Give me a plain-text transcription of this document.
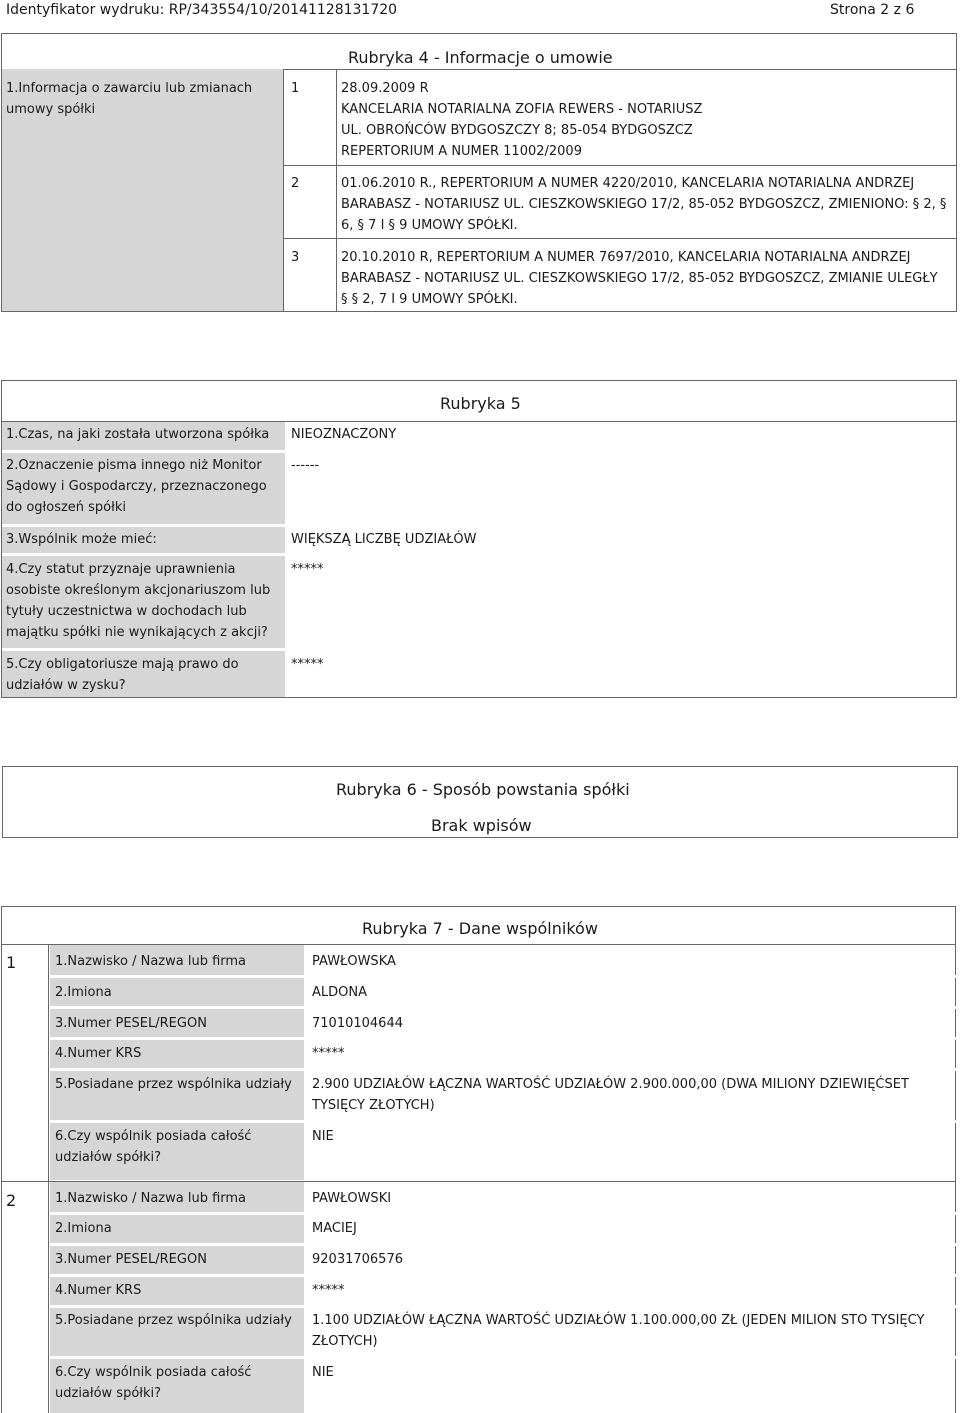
Identyfikator wydruku: RP/343554/10/20141128131720	Strona 2 z 6
Rubryka 4 - Informacje o umowie
1.Informacja o zawarciu lub zmianach umowy spółki
1	28.09.2009 R
KANCELARIA NOTARIALNA ZOFIA REWERS - NOTARIUSZ
UL. OBROŃCÓW BYDGOSZCZY 8; 85-054 BYDGOSZCZ
REPERTORIUM A NUMER 11002/2009
2	01.06.2010 R., REPERTORIUM A NUMER 4220/2010, KANCELARIA NOTARIALNA ANDRZEJ
BARABASZ - NOTARIUSZ UL. CIESZKOWSKIEGO 17/2, 85-052 BYDGOSZCZ, ZMIENIONO: § 2, §
6, § 7 I § 9 UMOWY SPÓŁKI.
3	20.10.2010 R, REPERTORIUM A NUMER 7697/2010, KANCELARIA NOTARIALNA ANDRZEJ
BARABASZ - NOTARIUSZ UL. CIESZKOWSKIEGO 17/2, 85-052 BYDGOSZCZ, ZMIANIE ULEGŁY
§ § 2, 7 I 9 UMOWY SPÓŁKI.
Rubryka 5
1.Czas, na jaki została utworzona spółka NIEOZNACZONY
2.Oznaczenie pisma innego niż Monitor Sądowy i Gospodarczy, przeznaczonego do ogłoszeń spółki
------
3.Wspólnik może mieć:	WIĘKSZĄ LICZBĘ UDZIAŁÓW
4.Czy statut przyznaje uprawnienia osobiste określonym akcjonariuszom lub tytuły uczestnictwa w dochodach lub majątku spółki nie wynikających z akcji?
*****
5.Czy obligatoriusze mają prawo do udziałów w zysku?
*****
Rubryka 6 - Sposób powstania spółki
Brak wpisów
Rubryka 7 - Dane wspólników
1	1.Nazwisko / Nazwa lub firma	PAWŁOWSKA
2.Imiona	ALDONA
3.Numer PESEL/REGON	71010104644
4.Numer KRS	*****
5.Posiadane przez wspólnika udziały 2.900 UDZIAŁÓW ŁĄCZNA WARTOŚĆ UDZIAŁÓW 2.900.000,00 (DWA MILIONY DZIEWIĘĆSET TYSIĘCY ZŁOTYCH)
6.Czy wspólnik posiada całość udziałów spółki?
NIE
2	1.Nazwisko / Nazwa lub firma	PAWŁOWSKI
2.Imiona	MACIEJ
3.Numer PESEL/REGON	92031706576
4.Numer KRS	*****
5.Posiadane przez wspólnika udziały 1.100 UDZIAŁÓW ŁĄCZNA WARTOŚĆ UDZIAŁÓW 1.100.000,00 ZŁ (JEDEN MILION STO TYSIĘCY ZŁOTYCH)
6.Czy wspólnik posiada całość udziałów spółki?
NIE
